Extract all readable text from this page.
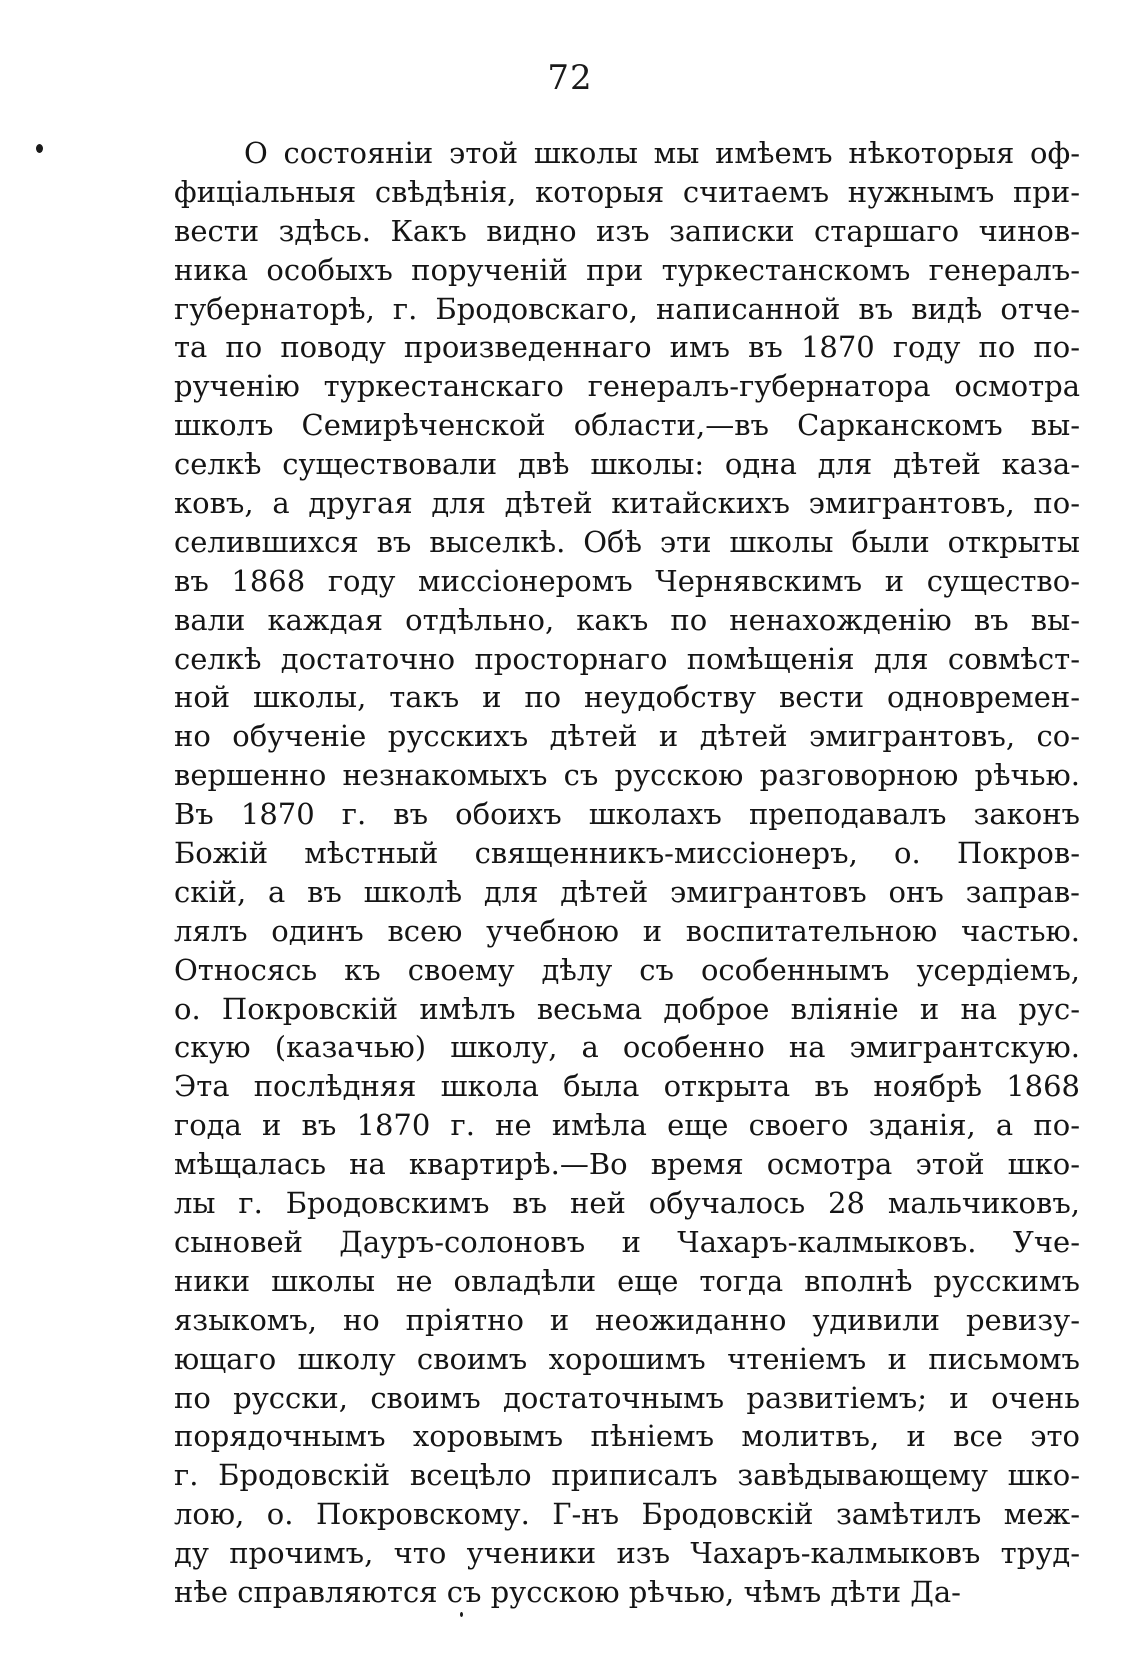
72
О состояніи этой школы мы имѣемъ нѣкоторыя оф-
фиціальныя свѣдѣнія, которыя считаемъ нужнымъ при-
вести здѣсь. Какъ видно изъ записки старшаго чинов-
ника особыхъ порученій при туркестанскомъ генералъ-
губернаторѣ, г. Бродовскаго, написанной въ видѣ отче-
та по поводу произведеннаго имъ въ 1870 году по по-
рученію туркестанскаго генералъ-губернатора осмотра
школъ Семирѣченской области,—въ Сарканскомъ вы-
селкѣ существовали двѣ школы: одна для дѣтей каза-
ковъ, а другая для дѣтей китайскихъ эмигрантовъ, по-
селившихся въ выселкѣ. Обѣ эти школы были открыты
въ 1868 году миссіонеромъ Чернявскимъ и существо-
вали каждая отдѣльно, какъ по ненахожденію въ вы-
селкѣ достаточно просторнаго помѣщенія для совмѣст-
ной школы, такъ и по неудобству вести одновремен-
но обученіе русскихъ дѣтей и дѣтей эмигрантовъ, со-
вершенно незнакомыхъ съ русскою разговорною рѣчью.
Въ 1870 г. въ обоихъ школахъ преподавалъ законъ
Божій мѣстный священникъ-миссіонеръ, о. Покров-
скій, а въ школѣ для дѣтей эмигрантовъ онъ заправ-
лялъ одинъ всею учебною и воспитательною частью.
Относясь къ своему дѣлу съ особеннымъ усердіемъ,
о. Покровскій имѣлъ весьма доброе вліяніе и на рус-
скую (казачью) школу, а особенно на эмигрантскую.
Эта послѣдняя школа была открыта въ ноябрѣ 1868
года и въ 1870 г. не имѣла еще своего зданія, а по-
мѣщалась на квартирѣ.—Во время осмотра этой шко-
лы г. Бродовскимъ въ ней обучалось 28 мальчиковъ,
сыновей Дауръ-солоновъ и Чахаръ-калмыковъ. Уче-
ники школы не овладѣли еще тогда вполнѣ русскимъ
языкомъ, но пріятно и неожиданно удивили ревизу-
ющаго школу своимъ хорошимъ чтеніемъ и письмомъ
по русски, своимъ достаточнымъ развитіемъ; и очень
порядочнымъ хоровымъ пѣніемъ молитвъ, и все это
г. Бродовскій всецѣло приписалъ завѣдывающему шко-
лою, о. Покровскому. Г-нъ Бродовскій замѣтилъ меж-
ду прочимъ, что ученики изъ Чахаръ-калмыковъ труд-
нѣе справляются съ русскою рѣчью, чѣмъ дѣти Да-
